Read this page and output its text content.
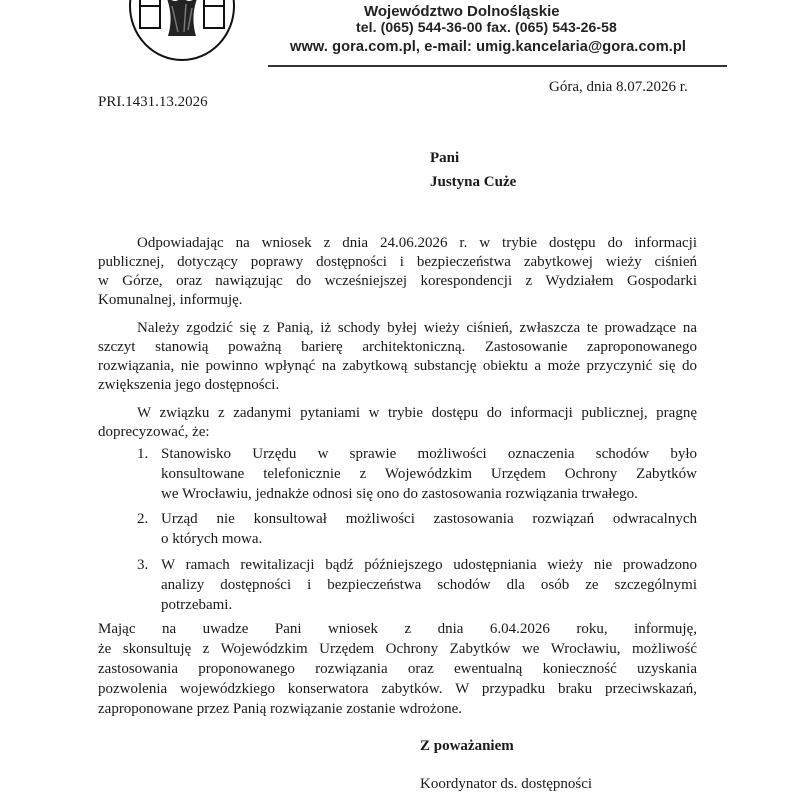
Województwo Dolnośląskie
tel. (065) 544-36-00 fax. (065) 543-26-58
www. gora.com.pl, e-mail: umig.kancelaria@gora.com.pl
Góra, dnia 8.07.2026 r.
PRI.1431.13.2026
Pani
Justyna Cuże
Odpowiadając na wniosek z dnia 24.06.2026 r. w trybie dostępu do informacji
publicznej, dotyczący poprawy dostępności i bezpieczeństwa zabytkowej wieży ciśnień
w Górze, oraz nawiązując do wcześniejszej korespondencji z Wydziałem Gospodarki
Komunalnej, informuję.
Należy zgodzić się z Panią, iż schody byłej wieży ciśnień, zwłaszcza te prowadzące na
szczyt stanowią poważną barierę architektoniczną. Zastosowanie zaproponowanego
rozwiązania, nie powinno wpłynąć na zabytkową substancję obiektu a może przyczynić się do
zwiększenia jego dostępności.
W związku z zadanymi pytaniami w trybie dostępu do informacji publicznej, pragnę
doprecyzować, że:
1. Stanowisko Urzędu w sprawie możliwości oznaczenia schodów było
konsultowane telefonicznie z Wojewódzkim Urzędem Ochrony Zabytków
we Wrocławiu, jednakże odnosi się ono do zastosowania rozwiązania trwałego.
2. Urząd nie konsultował możliwości zastosowania rozwiązań odwracalnych
o których mowa.
3. W ramach rewitalizacji bądź późniejszego udostępniania wieży nie prowadzono
analizy dostępności i bezpieczeństwa schodów dla osób ze szczególnymi
potrzebami.
Mając na uwadze Pani wniosek z dnia 6.04.2026 roku, informuję,
że skonsultuję z Wojewódzkim Urzędem Ochrony Zabytków we Wrocławiu, możliwość
zastosowania proponowanego rozwiązania oraz ewentualną konieczność uzyskania
pozwolenia wojewódzkiego konserwatora zabytków. W przypadku braku przeciwskazań,
zaproponowane przez Panią rozwiązanie zostanie wdrożone.
Z poważaniem
Koordynator ds. dostępności
